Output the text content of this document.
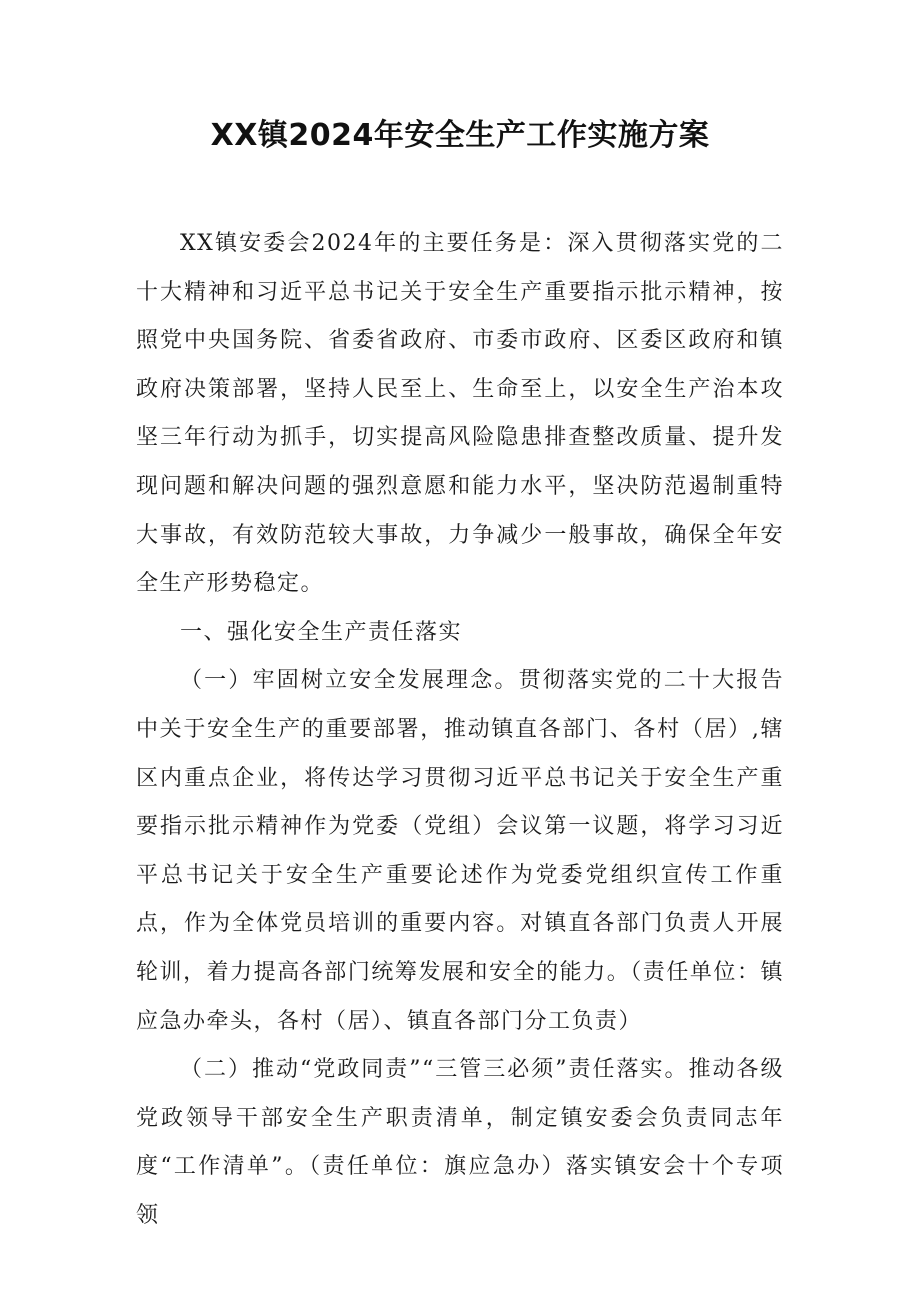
XX镇2024年安全生产工作实施方案

XX镇安委会2024年的主要任务是：深入贯彻落实党的二十大精神和习近平总书记关于安全生产重要指示批示精神，按照党中央国务院、省委省政府、市委市政府、区委区政府和镇政府决策部署，坚持人民至上、生命至上，以安全生产治本攻坚三年行动为抓手，切实提高风险隐患排查整改质量、提升发现问题和解决问题的强烈意愿和能力水平，坚决防范遏制重特大事故，有效防范较大事故，力争减少一般事故，确保全年安全生产形势稳定。

一、强化安全生产责任落实

（一）牢固树立安全发展理念。贯彻落实党的二十大报告中关于安全生产的重要部署，推动镇直各部门、各村（居）,辖区内重点企业，将传达学习贯彻习近平总书记关于安全生产重要指示批示精神作为党委（党组）会议第一议题，将学习习近平总书记关于安全生产重要论述作为党委党组织宣传工作重点，作为全体党员培训的重要内容。对镇直各部门负责人开展轮训，着力提高各部门统筹发展和安全的能力。（责任单位：镇应急办牵头，各村（居）、镇直各部门分工负责）

（二）推动“党政同责”“三管三必须”责任落实。推动各级党政领导干部安全生产职责清单，制定镇安委会负责同志年度“工作清单”。（责任单位：旗应急办）落实镇安会十个专项领
